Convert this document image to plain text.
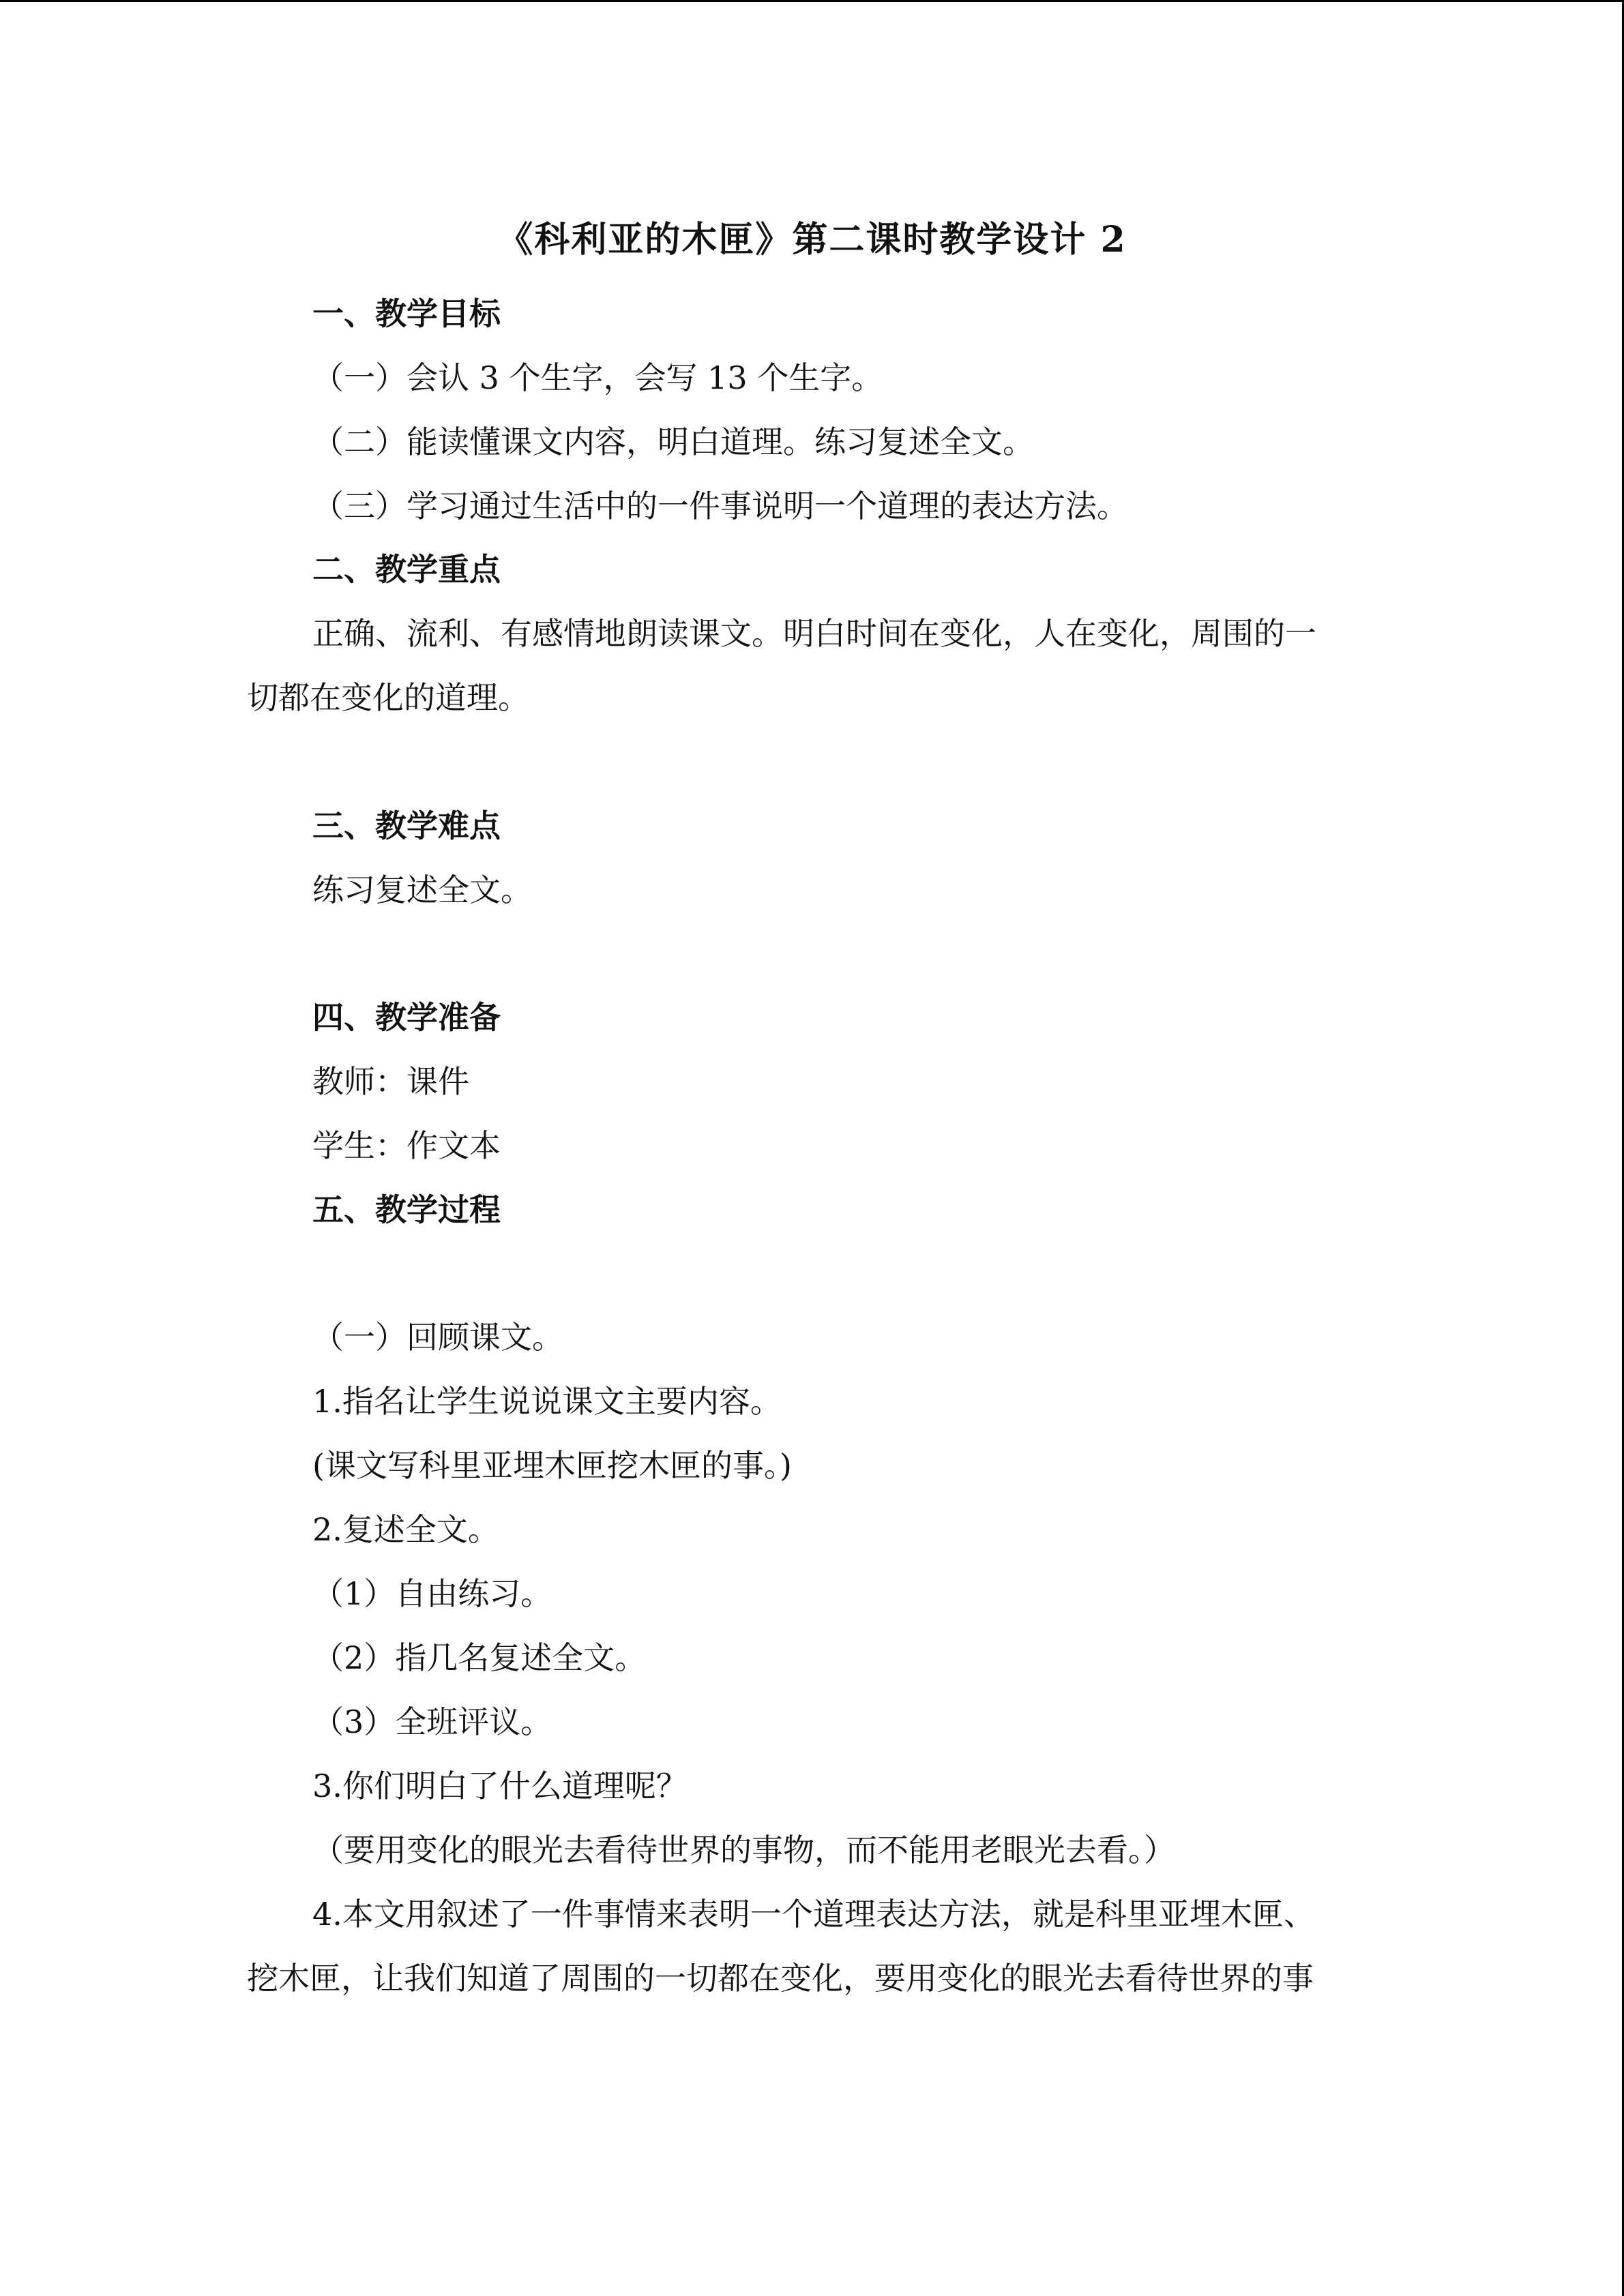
《科利亚的木匣》第二课时教学设计 2
一、教学目标
（一）会认 3 个生字，会写 13 个生字。
（二）能读懂课文内容，明白道理。练习复述全文。
（三）学习通过生活中的一件事说明一个道理的表达方法。
二、教学重点
正确、流利、有感情地朗读课文。明白时间在变化，人在变化，周围的一
切都在变化的道理。
三、教学难点
练习复述全文。
四、教学准备
教师：课件
学生：作文本
五、教学过程
（一）回顾课文。
1.指名让学生说说课文主要内容。
(课文写科里亚埋木匣挖木匣的事。)
2.复述全文。
（1）自由练习。
（2）指几名复述全文。
（3）全班评议。
3.你们明白了什么道理呢？
（要用变化的眼光去看待世界的事物，而不能用老眼光去看。）
4.本文用叙述了一件事情来表明一个道理表达方法，就是科里亚埋木匣、
挖木匣，让我们知道了周围的一切都在变化，要用变化的眼光去看待世界的事
